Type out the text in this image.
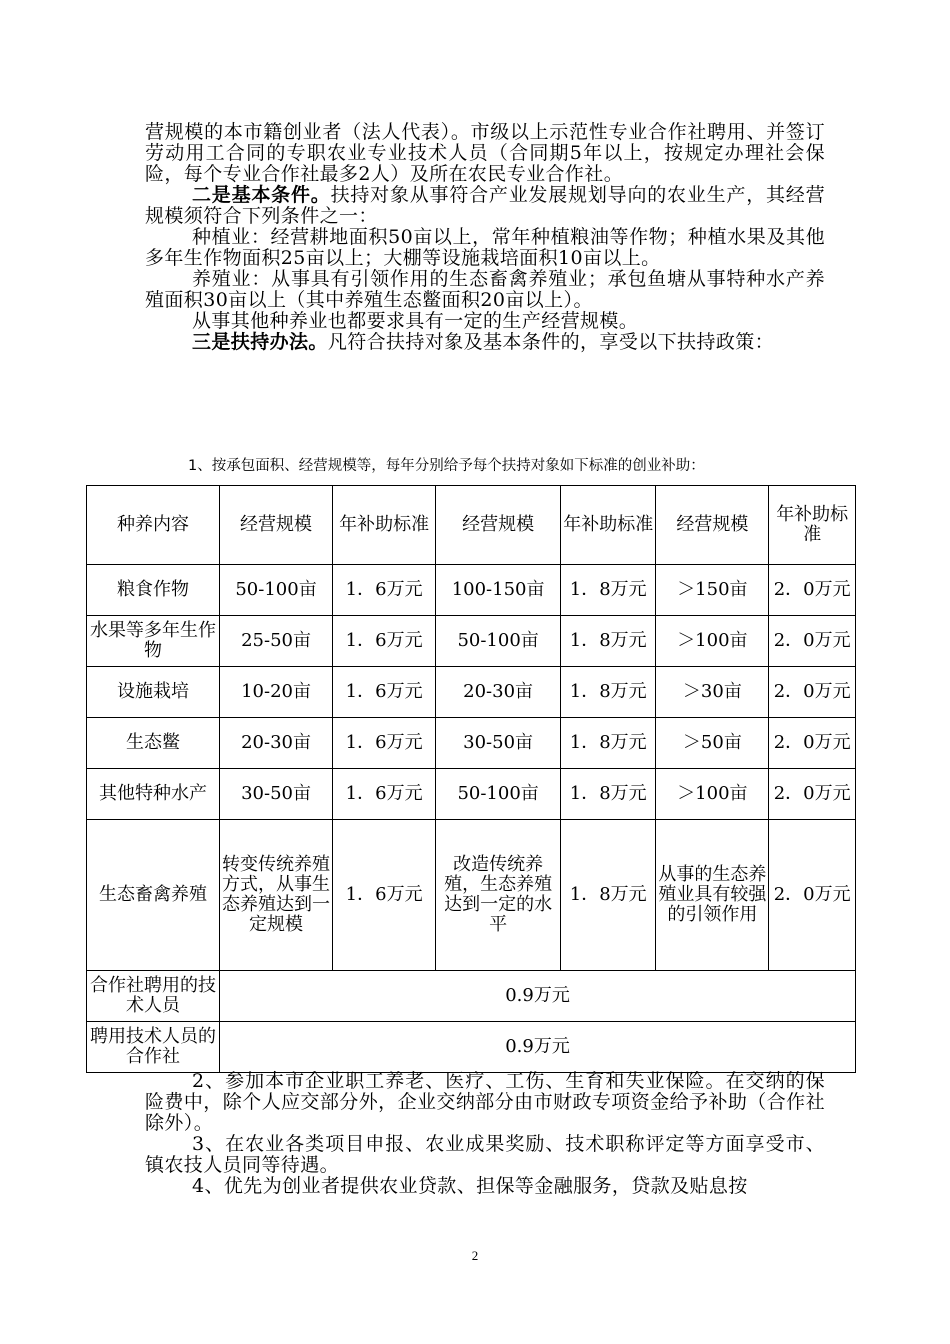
营规模的本市籍创业者（法人代表）。市级以上示范性专业合作社聘用、并签订劳动用工合同的专职农业专业技术人员（合同期5年以上，按规定办理社会保险，每个专业合作社最多2人）及所在农民专业合作社。

二是基本条件。扶持对象从事符合产业发展规划导向的农业生产，其经营规模须符合下列条件之一：

种植业：经营耕地面积50亩以上，常年种植粮油等作物；种植水果及其他多年生作物面积25亩以上；大棚等设施栽培面积10亩以上。

养殖业：从事具有引领作用的生态畜禽养殖业；承包鱼塘从事特种水产养殖面积30亩以上（其中养殖生态鳖面积20亩以上）。

从事其他种养业也都要求具有一定的生产经营规模。

三是扶持办法。凡符合扶持对象及基本条件的，享受以下扶持政策：

1、按承包面积、经营规模等，每年分别给予每个扶持对象如下标准的创业补助：
种养内容	经营规模	年补助标准	经营规模	年补助标准	经营规模	年补助标准
粮食作物	50-100亩	1．6万元	100-150亩	1．8万元	＞150亩	2．0万元
水果等多年生作物	25-50亩	1．6万元	50-100亩	1．8万元	＞100亩	2．0万元
设施栽培	10-20亩	1．6万元	20-30亩	1．8万元	＞30亩	2．0万元
生态鳖	20-30亩	1．6万元	30-50亩	1．8万元	＞50亩	2．0万元
其他特种水产	30-50亩	1．6万元	50-100亩	1．8万元	＞100亩	2．0万元
生态畜禽养殖	转变传统养殖方式，从事生态养殖达到一定规模	1．6万元	改造传统养殖，生态养殖达到一定的水平	1．8万元	从事的生态养殖业具有较强的引领作用	2．0万元
合作社聘用的技术人员	0.9万元					
聘用技术人员的合作社	0.9万元					

2、参加本市企业职工养老、医疗、工伤、生育和失业保险。在交纳的保险费中，除个人应交部分外，企业交纳部分由市财政专项资金给予补助（合作社除外）。

3、在农业各类项目申报、农业成果奖励、技术职称评定等方面享受市、镇农技人员同等待遇。

4、优先为创业者提供农业贷款、担保等金融服务，贷款及贴息按

2
